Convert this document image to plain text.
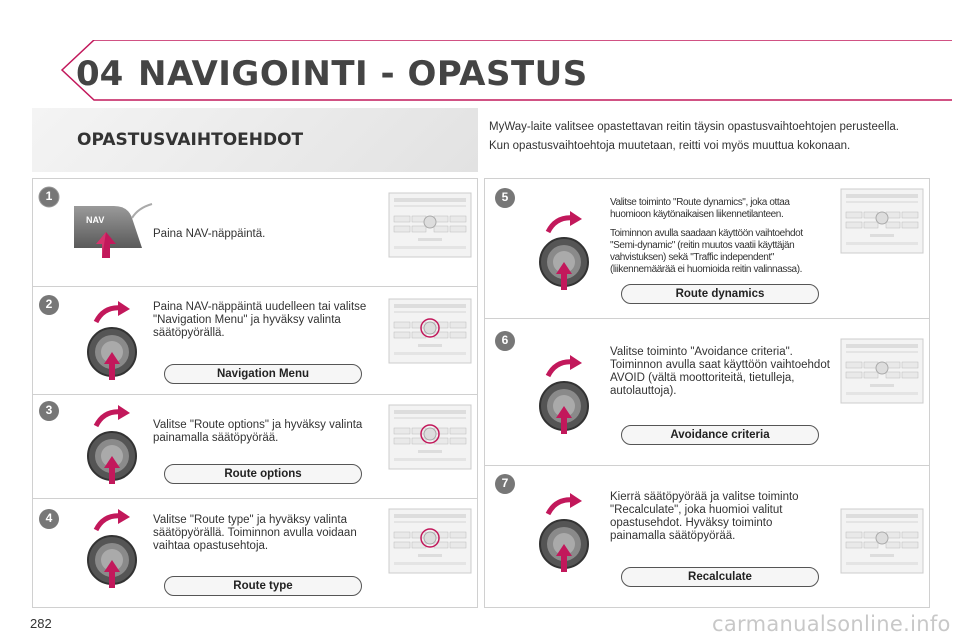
04 NAVIGOINTI - OPASTUS
OPASTUSVAIHTOEHDOT

MyWay-laite valitsee opastettavan reitin täysin opastusvaihtoehtojen perusteella.

Kun opastusvaihtoehtoja muutetaan, reitti voi myös muuttua kokonaan.

1
2
3
4
5
6
7
NAV
Paina NAV-näppäintä.
Paina NAV-näppäintä uudelleen tai valitse "Navigation Menu" ja hyväksy valinta säätöpyörällä.
Valitse "Route options" ja hyväksy valinta painamalla säätöpyörää.
Valitse "Route type" ja hyväksy valinta säätöpyörällä. Toiminnon avulla voidaan vaihtaa opastusehtoja.
Valitse toiminto "Route dynamics", joka ottaa huomioon käytönaikaisen liikennetilanteen.
Toiminnon avulla saadaan käyttöön vaihtoehdot "Semi-dynamic" (reitin muutos vaatii käyttäjän vahvistuksen) sekä "Traffic independent" (liikennemäärää ei huomioida reitin valinnassa).
Valitse toiminto "Avoidance criteria". Toiminnon avulla saat käyttöön vaihtoehdot AVOID (vältä moottoriteitä, tietulleja, autolauttoja).
Kierrä säätöpyörää ja valitse toiminto "Recalculate", joka huomioi valitut opastusehdot. Hyväksy toiminto painamalla säätöpyörää.
Navigation Menu
Route options
Route type
Route dynamics
Avoidance criteria
Recalculate
282	carmanualsonline.info
